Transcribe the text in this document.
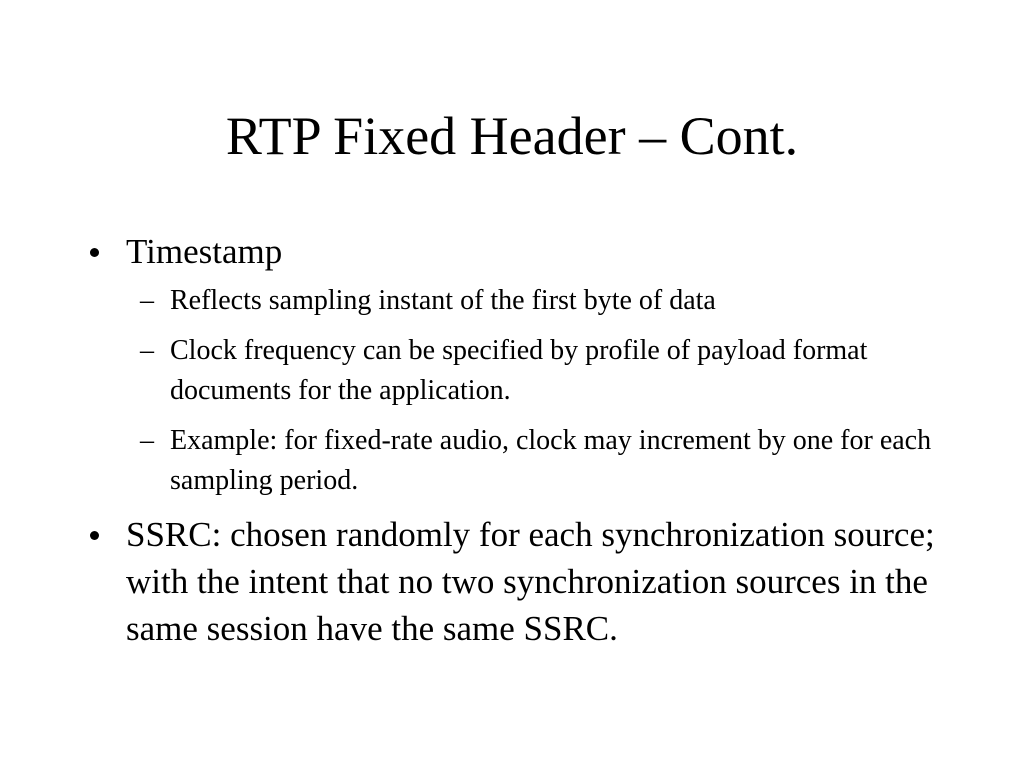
RTP Fixed Header – Cont.
Timestamp
– Reflects sampling instant of the first byte of data
– Clock frequency can be specified by profile of payload format documents for the application.
– Example: for fixed-rate audio, clock may increment by one for each sampling period.
SSRC: chosen randomly for each synchronization source; with the intent that no two synchronization sources in the same session have the same SSRC.
